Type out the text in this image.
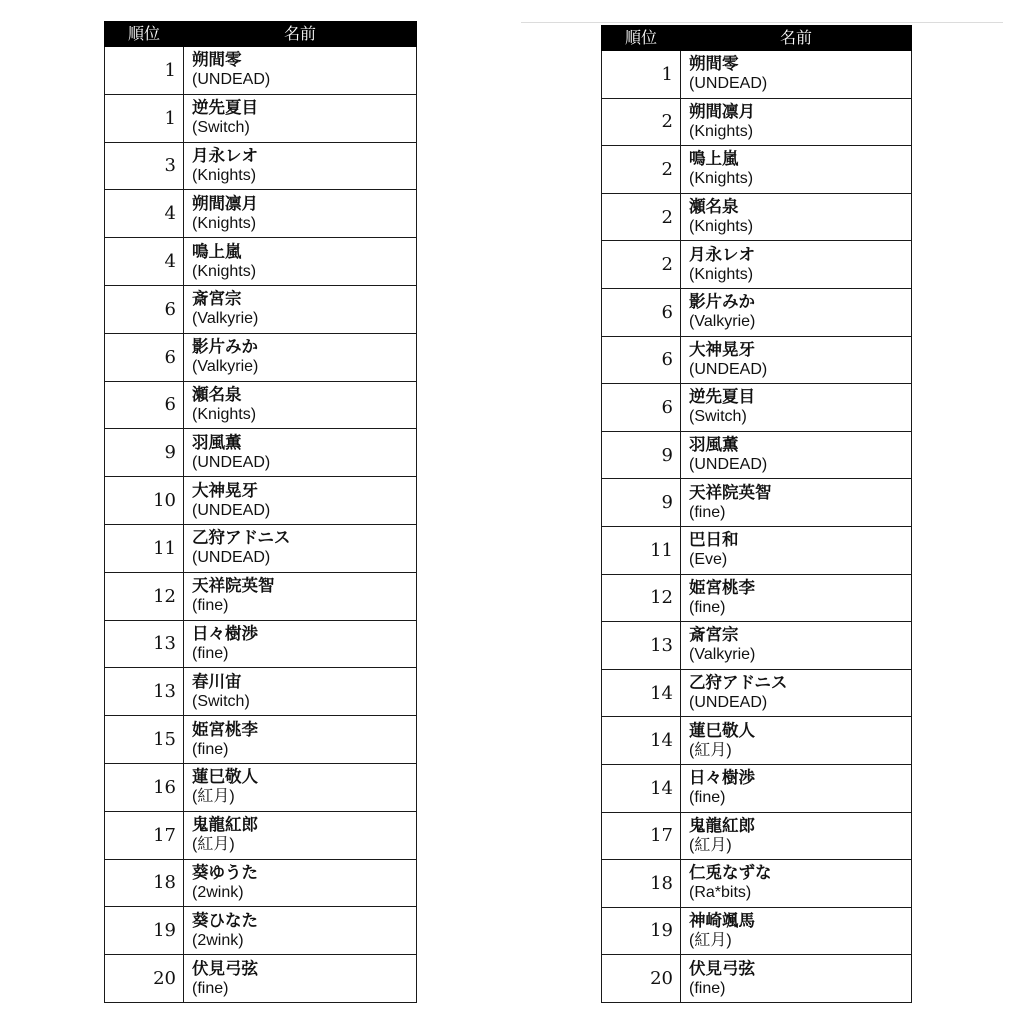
順位	名前
1	朔間零
(UNDEAD)

1	逆先夏目
(Switch)

3	月永レオ
(Knights)

4	朔間凛月
(Knights)

4	鳴上嵐
(Knights)

6	斎宮宗
(Valkyrie)

6	影片みか
(Valkyrie)

6	瀬名泉
(Knights)

9	羽風薫
(UNDEAD)

10	大神晃牙
(UNDEAD)

11	乙狩アドニス
(UNDEAD)

12	天祥院英智
(fine)

13	日々樹渉
(fine)

13	春川宙
(Switch)

15	姫宮桃李
(fine)

16	蓮巳敬人
(紅月)

17	鬼龍紅郎
(紅月)

18	葵ゆうた
(2wink)

19	葵ひなた
(2wink)

20	伏見弓弦
(fine)
順位	名前
1	朔間零
(UNDEAD)

2	朔間凛月
(Knights)

2	鳴上嵐
(Knights)

2	瀬名泉
(Knights)

2	月永レオ
(Knights)

6	影片みか
(Valkyrie)

6	大神晃牙
(UNDEAD)

6	逆先夏目
(Switch)

9	羽風薫
(UNDEAD)

9	天祥院英智
(fine)

11	巴日和
(Eve)

12	姫宮桃李
(fine)

13	斎宮宗
(Valkyrie)

14	乙狩アドニス
(UNDEAD)

14	蓮巳敬人
(紅月)

14	日々樹渉
(fine)

17	鬼龍紅郎
(紅月)

18	仁兎なずな
(Ra*bits)

19	神崎颯馬
(紅月)

20	伏見弓弦
(fine)
